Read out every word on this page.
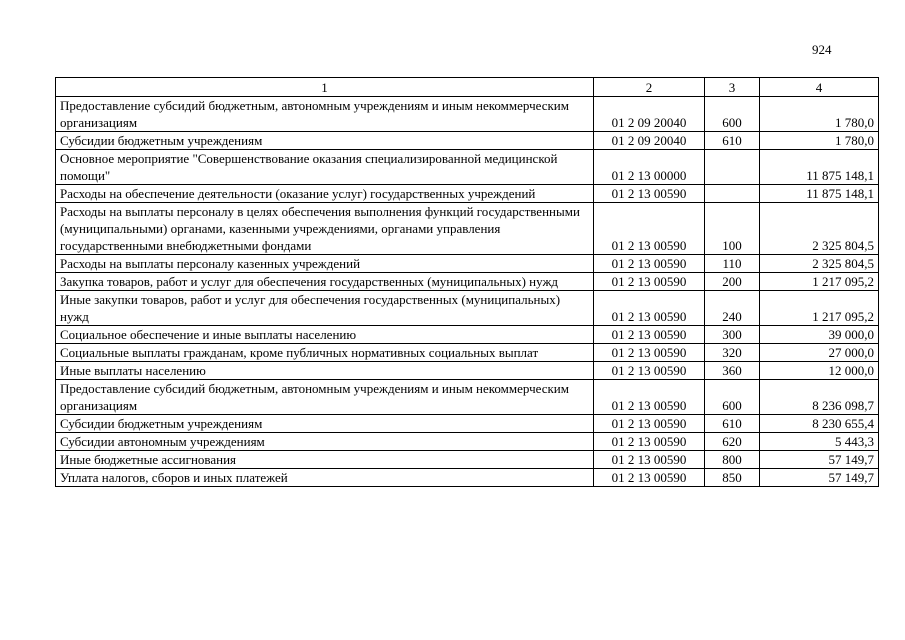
924
1	2	3	4
Предоставление субсидий бюджетным, автономным учреждениям и иным некоммерческим организациям	01 2 09 20040	600	1 780,0
Субсидии бюджетным учреждениям	01 2 09 20040	610	1 780,0
Основное мероприятие "Совершенствование оказания специализированной медицинской помощи"	01 2 13 00000		11 875 148,1
Расходы на обеспечение деятельности (оказание услуг) государственных учреждений	01 2 13 00590		11 875 148,1
Расходы на выплаты персоналу в целях обеспечения выполнения функций государственными (муниципальными) органами, казенными учреждениями, органами управления государственными внебюджетными фондами	01 2 13 00590	100	2 325 804,5
Расходы на выплаты персоналу казенных учреждений	01 2 13 00590	110	2 325 804,5
Закупка товаров, работ и услуг для обеспечения государственных (муниципальных) нужд	01 2 13 00590	200	1 217 095,2
Иные закупки товаров, работ и услуг для обеспечения государственных (муниципальных) нужд	01 2 13 00590	240	1 217 095,2
Социальное обеспечение и иные выплаты населению	01 2 13 00590	300	39 000,0
Социальные выплаты гражданам, кроме публичных нормативных социальных выплат	01 2 13 00590	320	27 000,0
Иные выплаты населению	01 2 13 00590	360	12 000,0
Предоставление субсидий бюджетным, автономным учреждениям и иным некоммерческим организациям	01 2 13 00590	600	8 236 098,7
Субсидии бюджетным учреждениям	01 2 13 00590	610	8 230 655,4
Субсидии автономным учреждениям	01 2 13 00590	620	5 443,3
Иные бюджетные ассигнования	01 2 13 00590	800	57 149,7
Уплата налогов, сборов и иных платежей	01 2 13 00590	850	57 149,7
